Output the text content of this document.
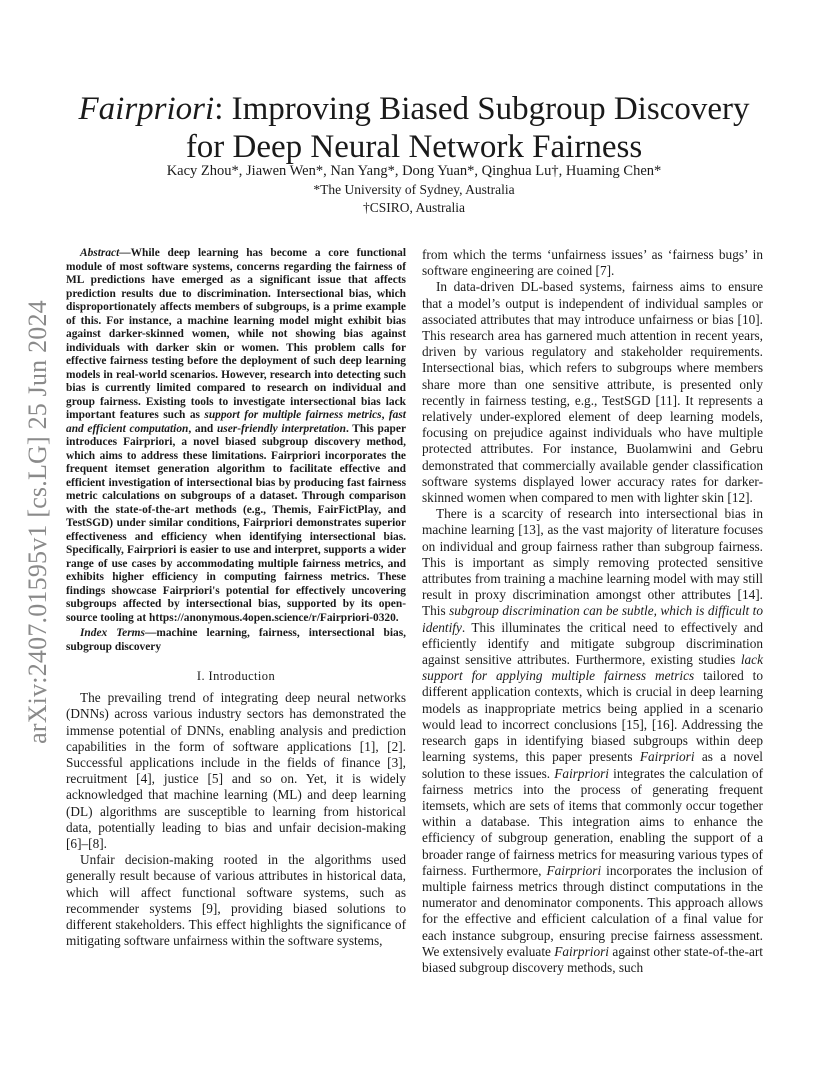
arXiv:2407.01595v1 [cs.LG] 25 Jun 2024
Fairpriori: Improving Biased Subgroup Discovery
for Deep Neural Network Fairness
Kacy Zhou*, Jiawen Wen*, Nan Yang*, Dong Yuan*, Qinghua Lu†, Huaming Chen*
*The University of Sydney, Australia
†CSIRO, Australia

Abstract—While deep learning has become a core functional module of most software systems, concerns regarding the fairness of ML predictions have emerged as a significant issue that affects prediction results due to discrimination. Intersectional bias, which disproportionately affects members of subgroups, is a prime example of this. For instance, a machine learning model might exhibit bias against darker-skinned women, while not showing bias against individuals with darker skin or women. This problem calls for effective fairness testing before the deployment of such deep learning models in real-world scenarios. However, research into detecting such bias is currently limited compared to research on individual and group fairness. Existing tools to investigate intersectional bias lack important features such as support for multiple fairness metrics, fast and efficient computation, and user-friendly interpretation. This paper introduces Fairpriori, a novel biased subgroup discovery method, which aims to address these limitations. Fairpriori incorporates the frequent itemset generation algorithm to facilitate effective and efficient investigation of intersectional bias by producing fast fairness metric calculations on subgroups of a dataset. Through comparison with the state-of-the-art methods (e.g., Themis, FairFictPlay, and TestSGD) under similar conditions, Fairpriori demonstrates superior effectiveness and efficiency when identifying intersectional bias. Specifically, Fairpriori is easier to use and interpret, supports a wider range of use cases by accommodating multiple fairness metrics, and exhibits higher efficiency in computing fairness metrics. These findings showcase Fairpriori's potential for effectively uncovering subgroups affected by intersectional bias, supported by its open-source tooling at https://anonymous.4open.science/r/Fairpriori-0320.

Index Terms—machine learning, fairness, intersectional bias, subgroup discovery

I. Introduction

The prevailing trend of integrating deep neural networks (DNNs) across various industry sectors has demonstrated the immense potential of DNNs, enabling analysis and prediction capabilities in the form of software applications [1], [2]. Successful applications include in the fields of finance [3], recruitment [4], justice [5] and so on. Yet, it is widely acknowledged that machine learning (ML) and deep learning (DL) algorithms are susceptible to learning from historical data, potentially leading to bias and unfair decision-making [6]–[8].

Unfair decision-making rooted in the algorithms used generally result because of various attributes in historical data, which will affect functional software systems, such as recommender systems [9], providing biased solutions to different stakeholders. This effect highlights the significance of mitigating software unfairness within the software systems,

from which the terms ‘unfairness issues’ as ‘fairness bugs’ in software engineering are coined [7].

In data-driven DL-based systems, fairness aims to ensure that a model’s output is independent of individual samples or associated attributes that may introduce unfairness or bias [10]. This research area has garnered much attention in recent years, driven by various regulatory and stakeholder requirements. Intersectional bias, which refers to subgroups where members share more than one sensitive attribute, is presented only recently in fairness testing, e.g., TestSGD [11]. It represents a relatively under-explored element of deep learning models, focusing on prejudice against individuals who have multiple protected attributes. For instance, Buolamwini and Gebru demonstrated that commercially available gender classification software systems displayed lower accuracy rates for darker-skinned women when compared to men with lighter skin [12].

There is a scarcity of research into intersectional bias in machine learning [13], as the vast majority of literature focuses on individual and group fairness rather than subgroup fairness. This is important as simply removing protected sensitive attributes from training a machine learning model with may still result in proxy discrimination amongst other attributes [14]. This subgroup discrimination can be subtle, which is difficult to identify. This illuminates the critical need to effectively and efficiently identify and mitigate subgroup discrimination against sensitive attributes. Furthermore, existing studies lack support for applying multiple fairness metrics tailored to different application contexts, which is crucial in deep learning models as inappropriate metrics being applied in a scenario would lead to incorrect conclusions [15], [16]. Addressing the research gaps in identifying biased subgroups within deep learning systems, this paper presents Fairpriori as a novel solution to these issues. Fairpriori integrates the calculation of fairness metrics into the process of generating frequent itemsets, which are sets of items that commonly occur together within a database. This integration aims to enhance the efficiency of subgroup generation, enabling the support of a broader range of fairness metrics for measuring various types of fairness. Furthermore, Fairpriori incorporates the inclusion of multiple fairness metrics through distinct computations in the numerator and denominator components. This approach allows for the effective and efficient calculation of a final value for each instance subgroup, ensuring precise fairness assessment. We extensively evaluate Fairpriori against other state-of-the-art biased subgroup discovery methods, such
